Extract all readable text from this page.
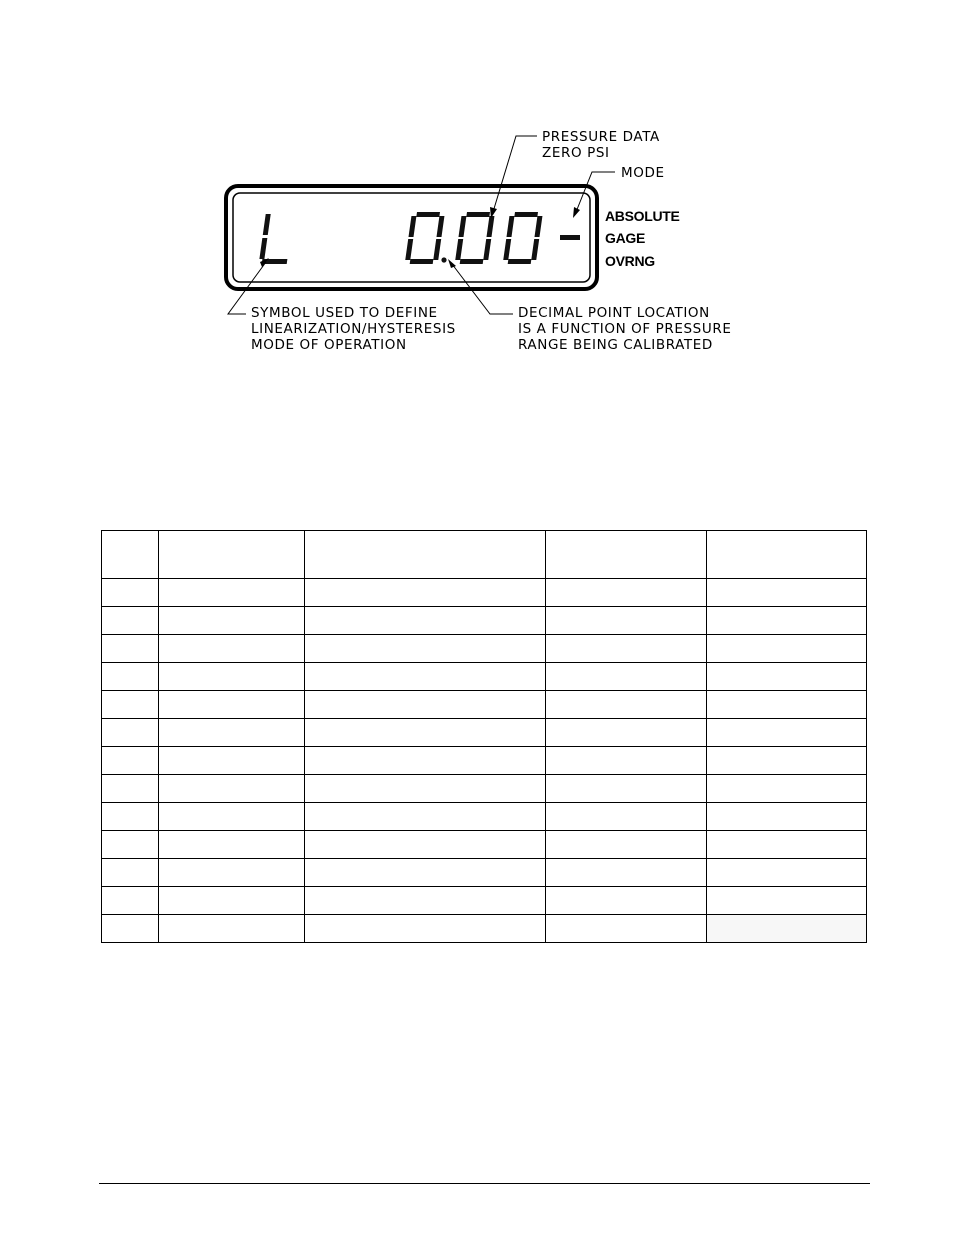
ABSOLUTE
GAGE
OVRNG
PRESSURE DATA ZERO PSI
MODE
SYMBOL USED TO DEFINE LINEARIZATION/HYSTERESIS MODE OF OPERATION
DECIMAL POINT LOCATION IS A FUNCTION OF PRESSURE RANGE BEING CALIBRATED
